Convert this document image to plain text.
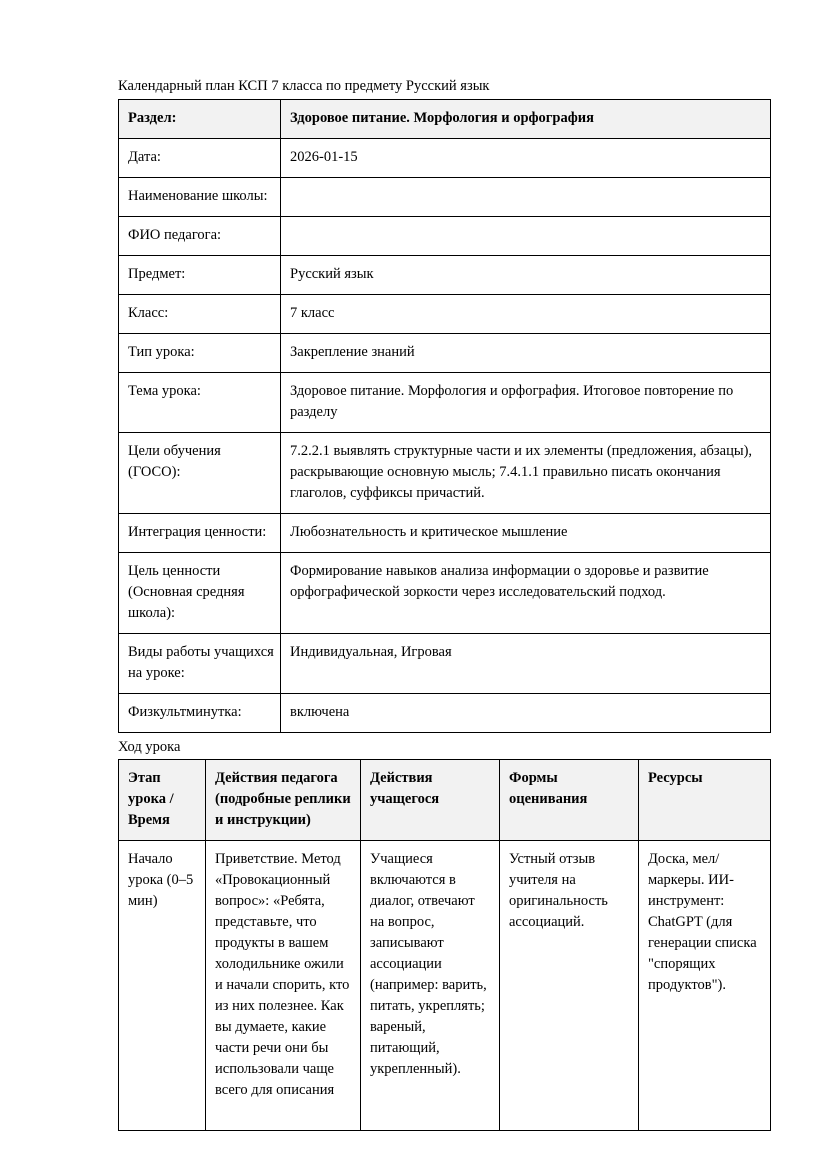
Календарный план КСП 7 класса по предмету Русский язык
Раздел:	Здоровое питание. Морфология и орфография
Дата:	2026-01-15
Наименование школы:	
ФИО педагога:	
Предмет:	Русский язык
Класс:	7 класс
Тип урока:	Закрепление знаний
Тема урока:	Здоровое питание. Морфология и орфография. Итоговое повторение по разделу
Цели обучения (ГОСО):	7.2.2.1 выявлять структурные части и их элементы (предложения, абзацы), раскрывающие основную мысль; 7.4.1.1 правильно писать окончания глаголов, суффиксы причастий.
Интеграция ценности:	Любознательность и критическое мышление
Цель ценности (Основная средняя школа):	Формирование навыков анализа информации о здоровье и развитие орфографической зоркости через исследовательский подход.
Виды работы учащихся на уроке:	Индивидуальная, Игровая
Физкультминутка:	включена
Ход урока
Этап урока / Время	Действия педагога (подробные реплики и инструкции)	Действия учащегося	Формы оценивания	Ресурсы
Начало урока (0–5 мин)	Приветствие. Метод «Провокационный вопрос»: «Ребята, представьте, что продукты в вашем холодильнике ожили и начали спорить, кто из них полезнее. Как вы думаете, какие части речи они бы использовали чаще всего для описания	Учащиеся включаются в диалог, отвечают на вопрос, записывают ассоциации (например: варить, питать, укреплять; вареный, питающий, укрепленный).	Устный отзыв учителя на оригинальность ассоциаций.	Доска, мел/маркеры. ИИ-инструмент: ChatGPT (для генерации списка "спорящих продуктов").
